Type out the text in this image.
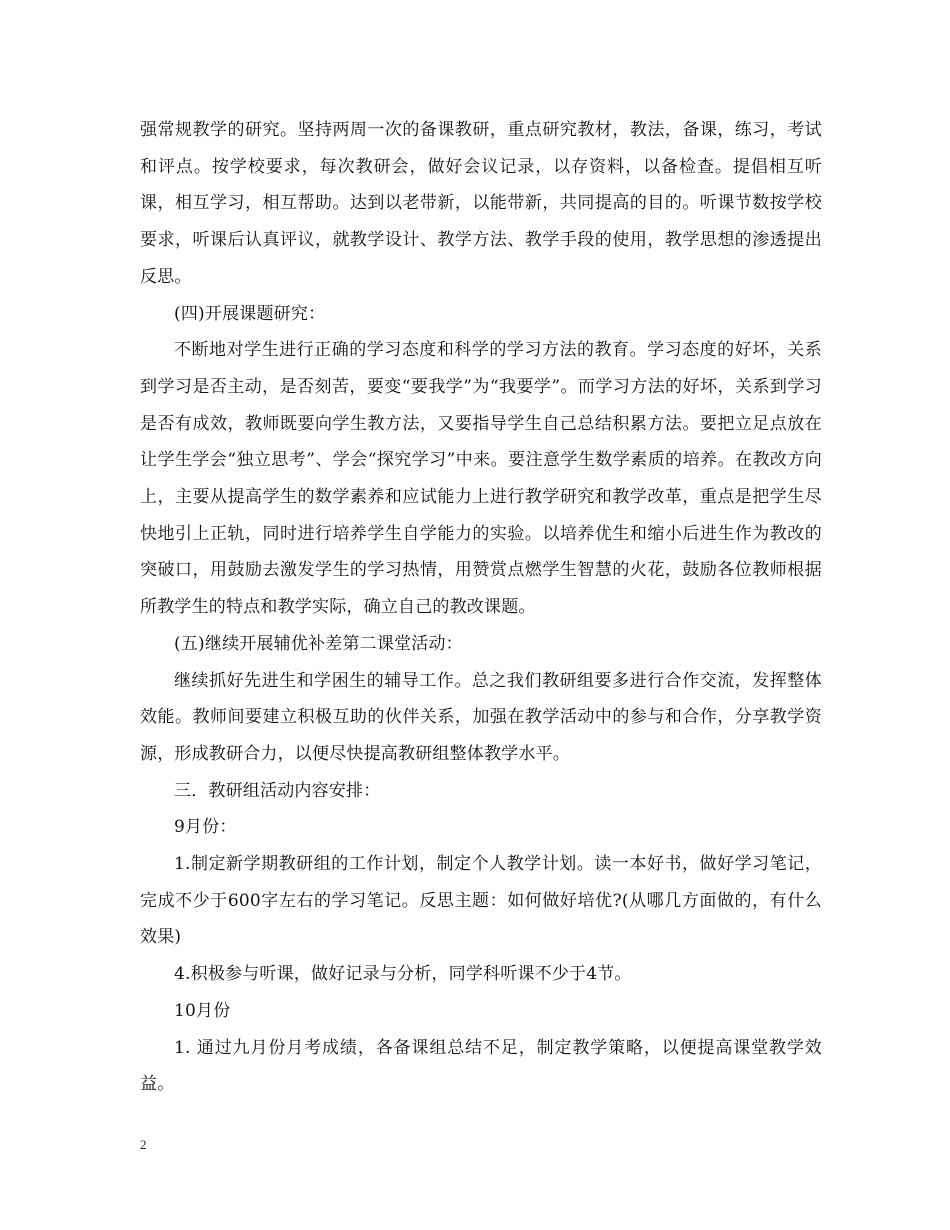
强常规教学的研究。坚持两周一次的备课教研，重点研究教材，教法，备课，练习，考试和评点。按学校要求，每次教研会，做好会议记录，以存资料，以备检查。提倡相互听课，相互学习，相互帮助。达到以老带新，以能带新，共同提高的目的。听课节数按学校要求，听课后认真评议，就教学设计、教学方法、教学手段的使用，教学思想的渗透提出反思。

(四)开展课题研究：

不断地对学生进行正确的学习态度和科学的学习方法的教育。学习态度的好坏，关系到学习是否主动，是否刻苦，要变“要我学”为“我要学”。而学习方法的好坏，关系到学习是否有成效，教师既要向学生教方法，又要指导学生自己总结积累方法。要把立足点放在让学生学会“独立思考”、学会“探究学习”中来。要注意学生数学素质的培养。在教改方向上，主要从提高学生的数学素养和应试能力上进行教学研究和教学改革，重点是把学生尽快地引上正轨，同时进行培养学生自学能力的实验。以培养优生和缩小后进生作为教改的突破口，用鼓励去激发学生的学习热情，用赞赏点燃学生智慧的火花，鼓励各位教师根据所教学生的特点和教学实际，确立自己的教改课题。

(五)继续开展辅优补差第二课堂活动：

继续抓好先进生和学困生的辅导工作。总之我们教研组要多进行合作交流，发挥整体效能。教师间要建立积极互助的伙伴关系，加强在教学活动中的参与和合作，分享教学资源，形成教研合力，以便尽快提高教研组整体教学水平。

三．教研组活动内容安排：

9月份：

1.制定新学期教研组的工作计划，制定个人教学计划。读一本好书，做好学习笔记，完成不少于600字左右的学习笔记。反思主题：如何做好培优?(从哪几方面做的，有什么效果)

4.积极参与听课，做好记录与分析，同学科听课不少于4节。

10月份

1. 通过九月份月考成绩，各备课组总结不足，制定教学策略，以便提高课堂教学效益。

2
